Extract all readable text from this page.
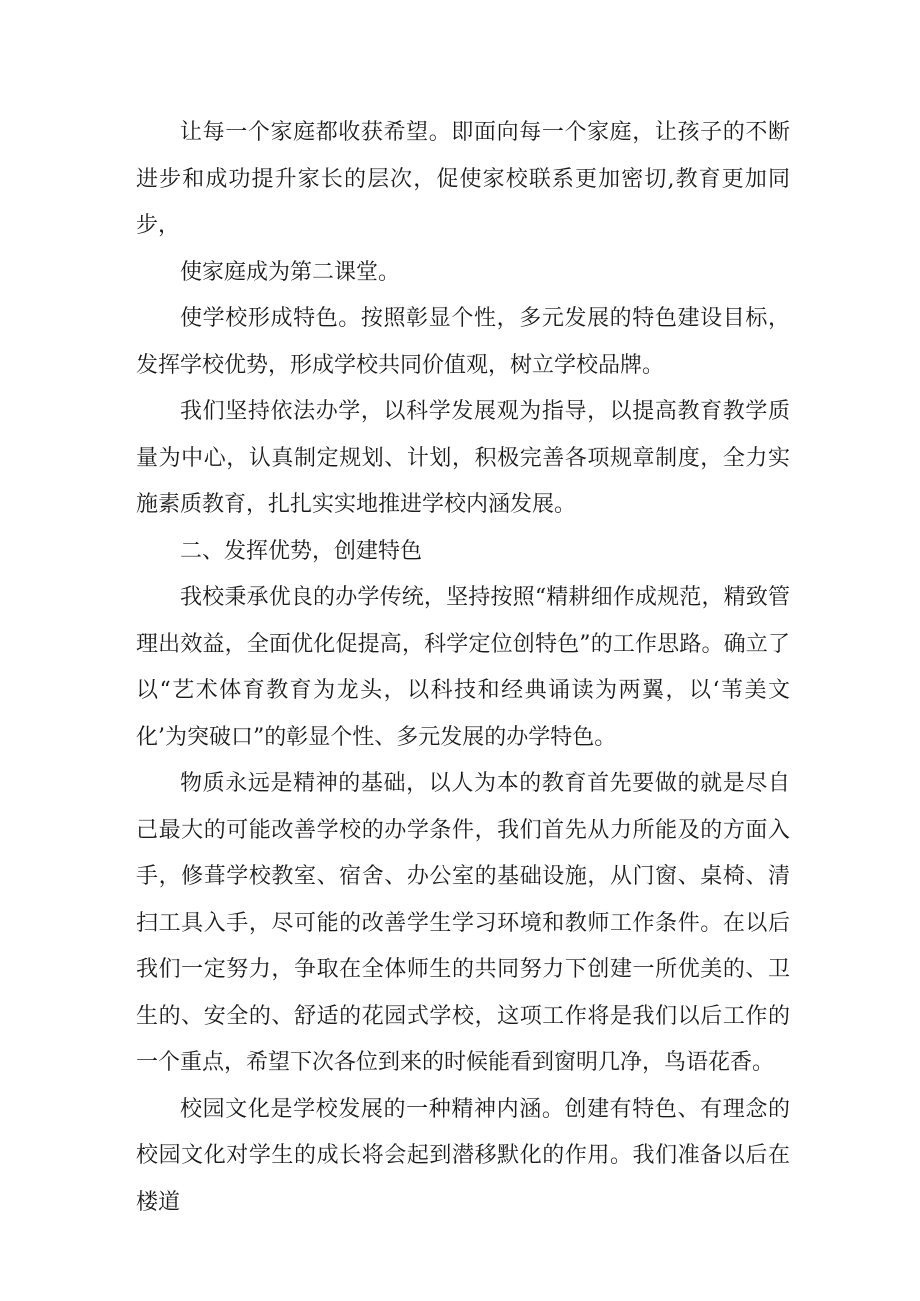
让每一个家庭都收获希望。即面向每一个家庭，让孩子的不断进步和成功提升家长的层次，促使家校联系更加密切,教育更加同步，

使家庭成为第二课堂。

使学校形成特色。按照彰显个性，多元发展的特色建设目标，发挥学校优势，形成学校共同价值观，树立学校品牌。

我们坚持依法办学，以科学发展观为指导，以提高教育教学质量为中心，认真制定规划、计划，积极完善各项规章制度，全力实施素质教育，扎扎实实地推进学校内涵发展。

二、发挥优势，创建特色

我校秉承优良的办学传统，坚持按照“精耕细作成规范，精致管理出效益，全面优化促提高，科学定位创特色”的工作思路。确立了以“艺术体育教育为龙头，以科技和经典诵读为两翼，以‘苇美文化’为突破口”的彰显个性、多元发展的办学特色。

物质永远是精神的基础，以人为本的教育首先要做的就是尽自己最大的可能改善学校的办学条件，我们首先从力所能及的方面入手，修葺学校教室、宿舍、办公室的基础设施，从门窗、桌椅、清扫工具入手，尽可能的改善学生学习环境和教师工作条件。在以后我们一定努力，争取在全体师生的共同努力下创建一所优美的、卫生的、安全的、舒适的花园式学校，这项工作将是我们以后工作的一个重点，希望下次各位到来的时候能看到窗明几净，鸟语花香。

校园文化是学校发展的一种精神内涵。创建有特色、有理念的校园文化对学生的成长将会起到潜移默化的作用。我们准备以后在楼道
